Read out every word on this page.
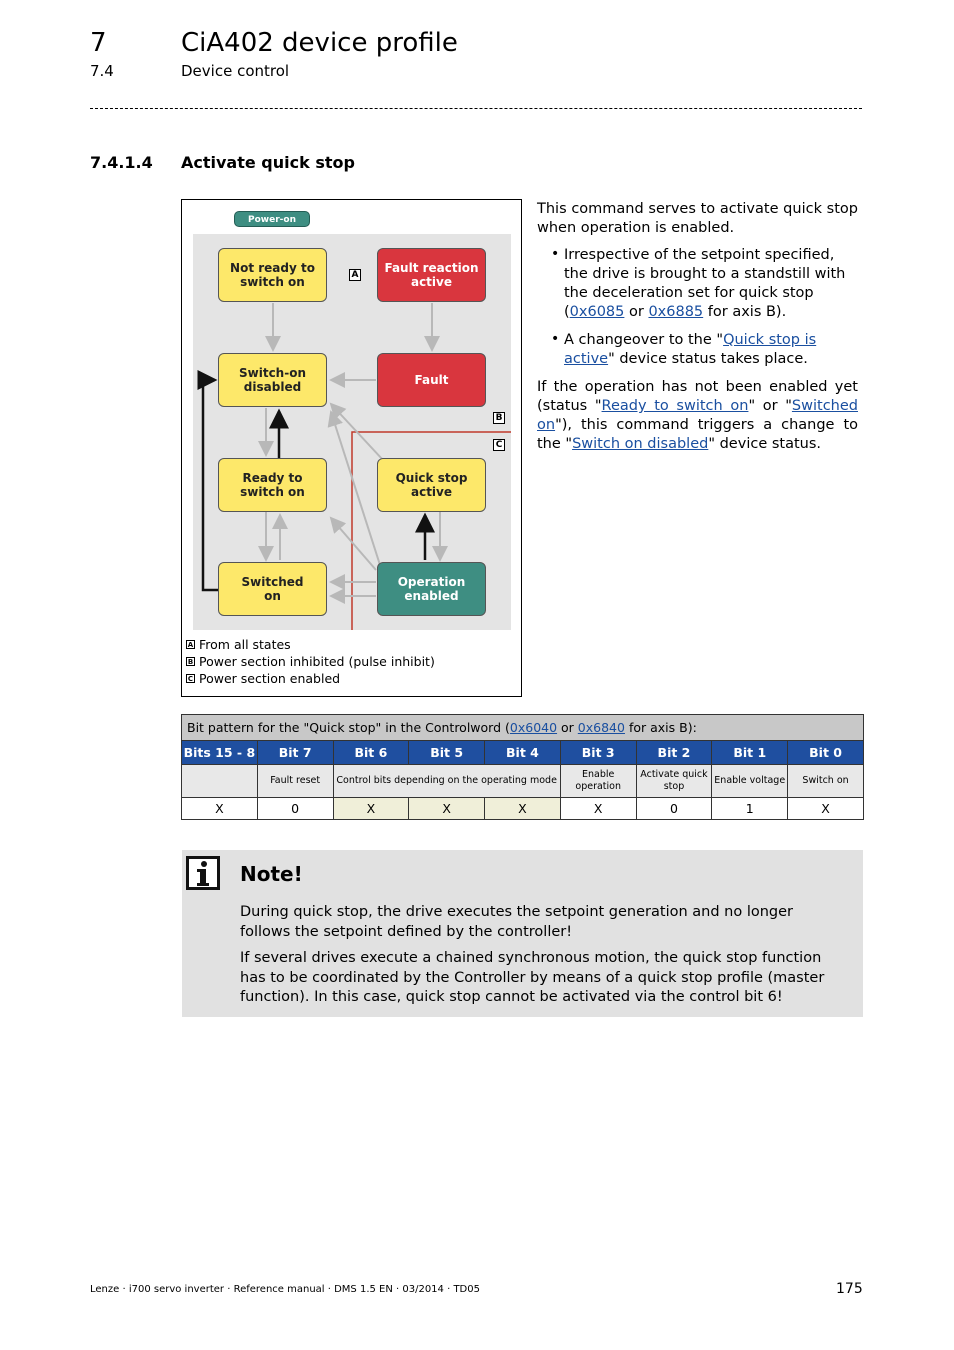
7	CiA402 device profile
7.4	Device control
7.4.1.4 Activate quick stop
Power-on
Not ready to
switch on
Fault reaction
active
Switch-on
disabled	Fault
Ready to
switch on
Quick stop
active
Switched
on
Operation
enabled
A
B
C
A From all states
B Power section inhibited (pulse inhibit)
C Power section enabled

This command serves to activate quick stop when operation is enabled.

• Irrespective of the setpoint specified, the drive is brought to a standstill with the deceleration set for quick stop (0x6085 or 0x6885 for axis B).
• A changeover to the "Quick stop is active" device status takes place.

If the operation has not been enabled yet (status "Ready to switch on" or "Switched on"), this command triggers a change to the "Switch on disabled" device status.

Bit pattern for the "Quick stop" in the Controlword (0x6040 or 0x6840 for axis B):								
Bits 15 - 8	Bit 7	Bit 6	Bit 5	Bit 4	Bit 3	Bit 2	Bit 1	Bit 0
	Fault reset	Control bits depending on the operating mode			Enable operation	Activate quick stop	Enable voltage	Switch on
X	0	X	X	X	X	0	1	X
Note!
During quick stop, the drive executes the setpoint generation and no longer follows the setpoint defined by the controller!
If several drives execute a chained synchronous motion, the quick stop function has to be coordinated by the Controller by means of a quick stop profile (master function). In this case, quick stop cannot be activated via the control bit 6!
Lenze · i700 servo inverter · Reference manual · DMS 1.5 EN · 03/2014 · TD05	175
